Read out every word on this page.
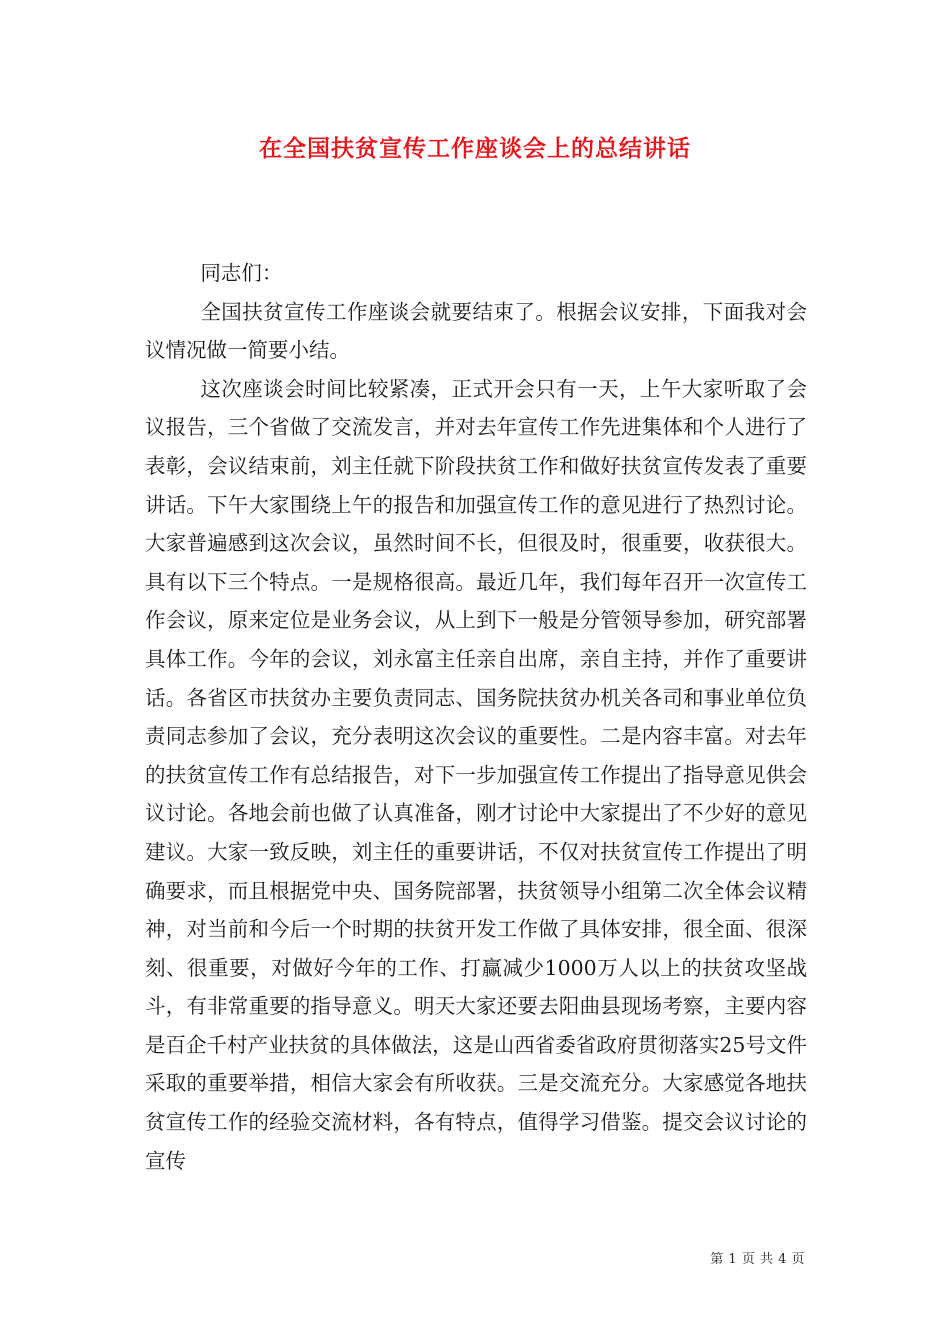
在全国扶贫宣传工作座谈会上的总结讲话

同志们：

全国扶贫宣传工作座谈会就要结束了。根据会议安排，下面我对会议情况做一简要小结。

这次座谈会时间比较紧凑，正式开会只有一天，上午大家听取了会议报告，三个省做了交流发言，并对去年宣传工作先进集体和个人进行了表彰，会议结束前，刘主任就下阶段扶贫工作和做好扶贫宣传发表了重要讲话。下午大家围绕上午的报告和加强宣传工作的意见进行了热烈讨论。大家普遍感到这次会议，虽然时间不长，但很及时，很重要，收获很大。具有以下三个特点。一是规格很高。最近几年，我们每年召开一次宣传工作会议，原来定位是业务会议，从上到下一般是分管领导参加，研究部署具体工作。今年的会议，刘永富主任亲自出席，亲自主持，并作了重要讲话。各省区市扶贫办主要负责同志、国务院扶贫办机关各司和事业单位负责同志参加了会议，充分表明这次会议的重要性。二是内容丰富。对去年的扶贫宣传工作有总结报告，对下一步加强宣传工作提出了指导意见供会议讨论。各地会前也做了认真准备，刚才讨论中大家提出了不少好的意见建议。大家一致反映，刘主任的重要讲话，不仅对扶贫宣传工作提出了明确要求，而且根据党中央、国务院部署，扶贫领导小组第二次全体会议精神，对当前和今后一个时期的扶贫开发工作做了具体安排，很全面、很深刻、很重要，对做好今年的工作、打赢减少1000万人以上的扶贫攻坚战斗，有非常重要的指导意义。明天大家还要去阳曲县现场考察，主要内容是百企千村产业扶贫的具体做法，这是山西省委省政府贯彻落实25号文件采取的重要举措，相信大家会有所收获。三是交流充分。大家感觉各地扶贫宣传工作的经验交流材料，各有特点，值得学习借鉴。提交会议讨论的宣传

第 1 页 共 4 页
